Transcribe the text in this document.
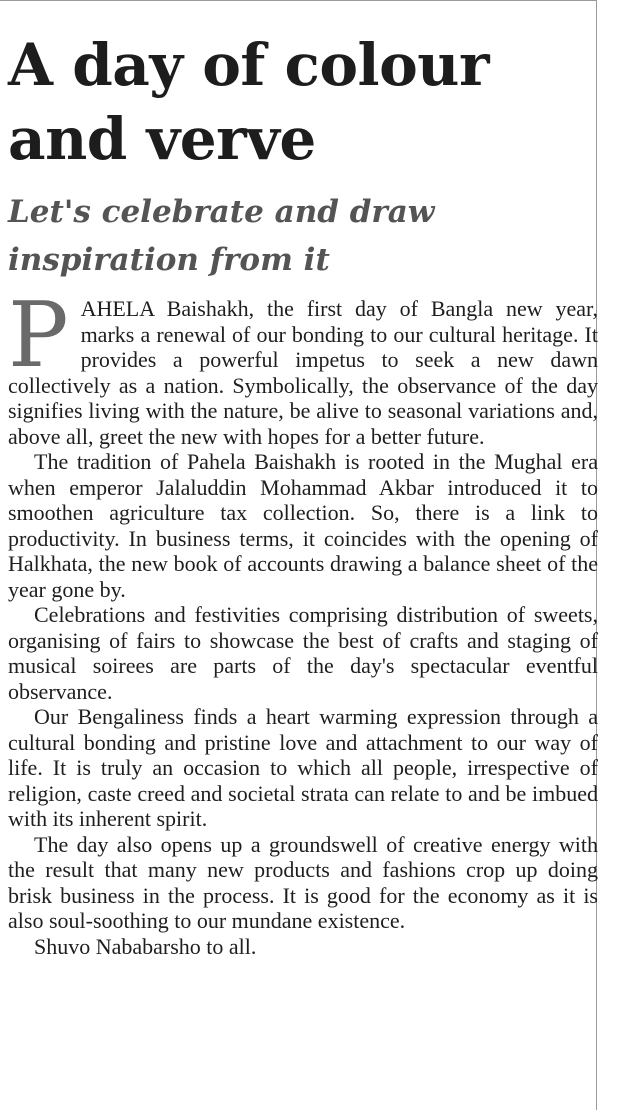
A day of colour and verve
Let's celebrate and draw inspiration from it

PAHELA Baishakh, the first day of Bangla new year, marks a renewal of our bonding to our cultural heritage. It provides a powerful impetus to seek a new dawn collectively as a nation. Symbolically, the observance of the day signifies living with the nature, be alive to seasonal variations and, above all, greet the new with hopes for a better future.

The tradition of Pahela Baishakh is rooted in the Mughal era when emperor Jalaluddin Mohammad Akbar introduced it to smoothen agriculture tax collection. So, there is a link to productivity. In business terms, it coincides with the opening of Halkhata, the new book of accounts drawing a balance sheet of the year gone by.

Celebrations and festivities comprising distribution of sweets, organising of fairs to showcase the best of crafts and staging of musical soirees are parts of the day's spectacular eventful observance.

Our Bengaliness finds a heart warming expression through a cultural bonding and pristine love and attachment to our way of life. It is truly an occasion to which all people, irrespective of religion, caste creed and societal strata can relate to and be imbued with its inherent spirit.

The day also opens up a groundswell of creative energy with the result that many new products and fashions crop up doing brisk business in the process. It is good for the economy as it is also soul-soothing to our mundane existence.

Shuvo Nababarsho to all.
